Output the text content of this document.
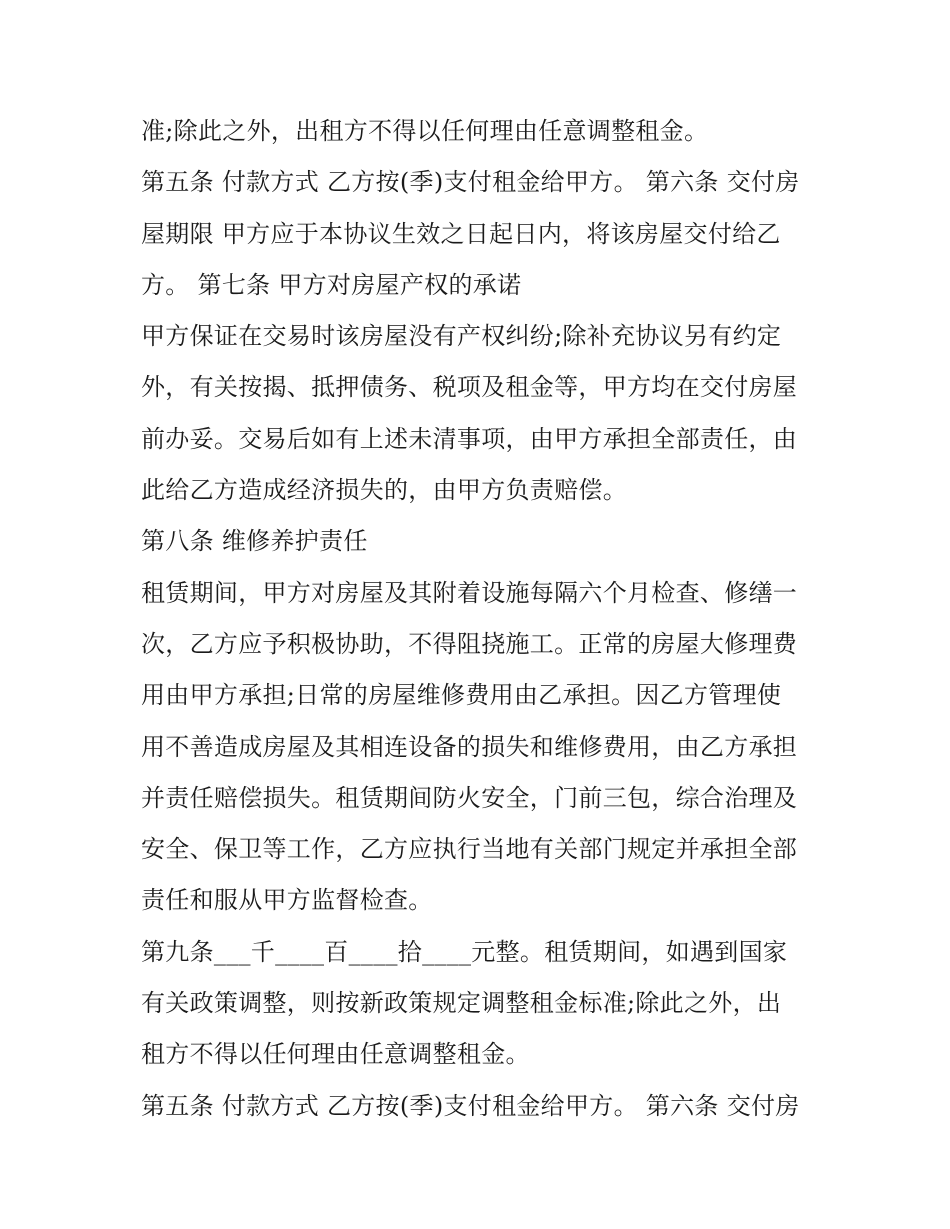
准;除此之外，出租方不得以任何理由任意调整租金。
第五条 付款方式 乙方按(季)支付租金给甲方。 第六条 交付房
屋期限 甲方应于本协议生效之日起日内，将该房屋交付给乙
方。 第七条 甲方对房屋产权的承诺
甲方保证在交易时该房屋没有产权纠纷;除补充协议另有约定
外，有关按揭、抵押债务、税项及租金等，甲方均在交付房屋
前办妥。交易后如有上述未清事项，由甲方承担全部责任，由
此给乙方造成经济损失的，由甲方负责赔偿。
第八条 维修养护责任
租赁期间，甲方对房屋及其附着设施每隔六个月检查、修缮一
次，乙方应予积极协助，不得阻挠施工。正常的房屋大修理费
用由甲方承担;日常的房屋维修费用由乙承担。因乙方管理使
用不善造成房屋及其相连设备的损失和维修费用，由乙方承担
并责任赔偿损失。租赁期间防火安全，门前三包，综合治理及
安全、保卫等工作，乙方应执行当地有关部门规定并承担全部
责任和服从甲方监督检查。
第九条___千____百____拾____元整。租赁期间，如遇到国家
有关政策调整，则按新政策规定调整租金标准;除此之外，出
租方不得以任何理由任意调整租金。
第五条 付款方式 乙方按(季)支付租金给甲方。 第六条 交付房
